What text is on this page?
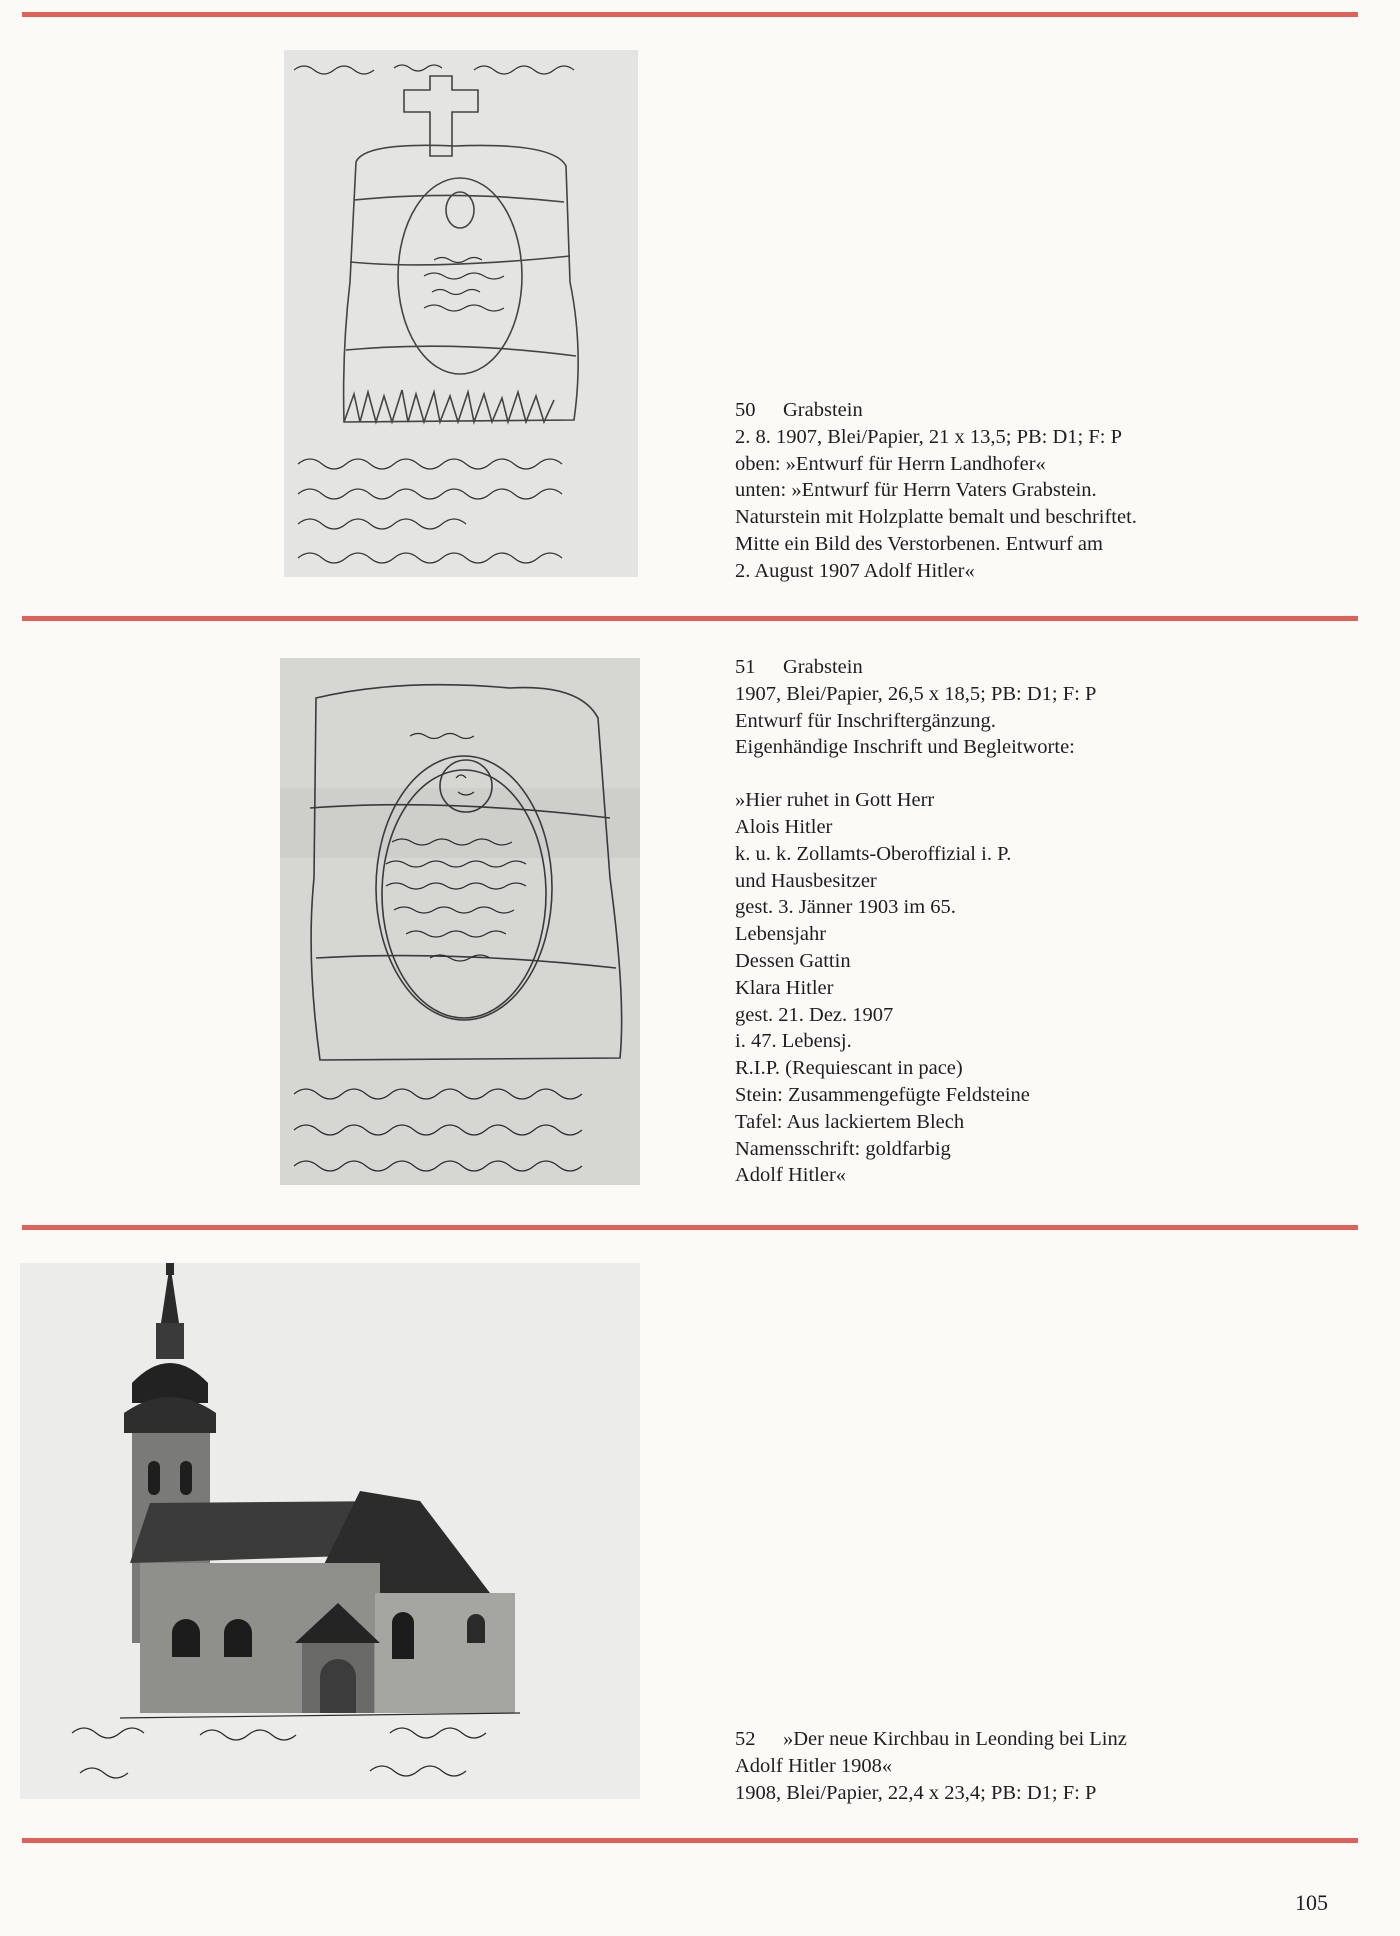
50 Grabstein

2. 8. 1907, Blei/Papier, 21 x 13,5; PB: D1; F: P

oben: »Entwurf für Herrn Landhofer«

unten: »Entwurf für Herrn Vaters Grabstein.

Naturstein mit Holzplatte bemalt und beschriftet.

Mitte ein Bild des Verstorbenen. Entwurf am

2. August 1907 Adolf Hitler«

51 Grabstein

1907, Blei/Papier, 26,5 x 18,5; PB: D1; F: P

Entwurf für Inschriftergänzung.

Eigenhändige Inschrift und Begleitworte:

»Hier ruhet in Gott Herr

Alois Hitler

k. u. k. Zollamts-Oberoffizial i. P.

und Hausbesitzer

gest. 3. Jänner 1903 im 65.

Lebensjahr

Dessen Gattin

Klara Hitler

gest. 21. Dez. 1907

i. 47. Lebensj.

R.I.P. (Requiescant in pace)

Stein: Zusammengefügte Feldsteine

Tafel: Aus lackiertem Blech

Namensschrift: goldfarbig

Adolf Hitler«

52 »Der neue Kirchbau in Leonding bei Linz

Adolf Hitler 1908«

1908, Blei/Papier, 22,4 x 23,4; PB: D1; F: P

105
